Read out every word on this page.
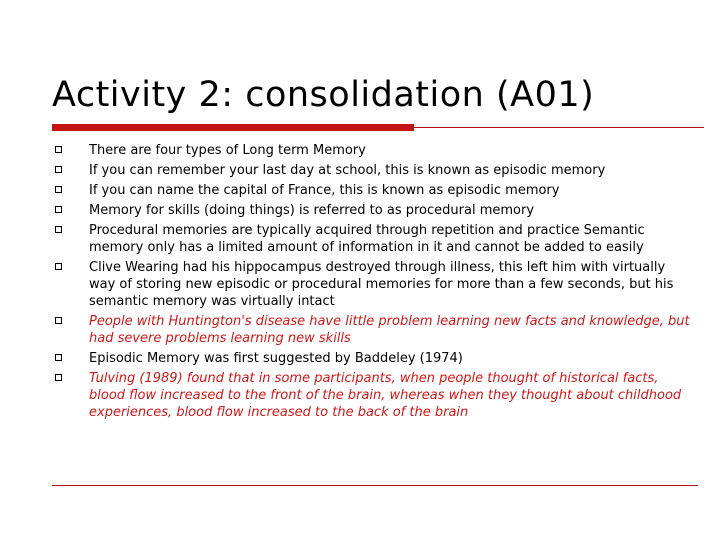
Activity 2: consolidation (A01)
There are four types of Long term Memory
If you can remember your last day at school, this is known as episodic memory
If you can name the capital of France, this is known as episodic memory
Memory for skills (doing things) is referred to as procedural memory
Procedural memories are typically acquired through repetition and practice Semantic memory only has a limited amount of information in it and cannot be added to easily
Clive Wearing had his hippocampus destroyed through illness, this left him with virtually way of storing new episodic or procedural memories for more than a few seconds, but his semantic memory was virtually intact
People with Huntington's disease have little problem learning new facts and knowledge, but had severe problems learning new skills
Episodic Memory was first suggested by Baddeley (1974)
Tulving (1989) found that in some participants, when people thought of historical facts, blood flow increased to the front of the brain, whereas when they thought about childhood experiences, blood flow increased to the back of the brain
